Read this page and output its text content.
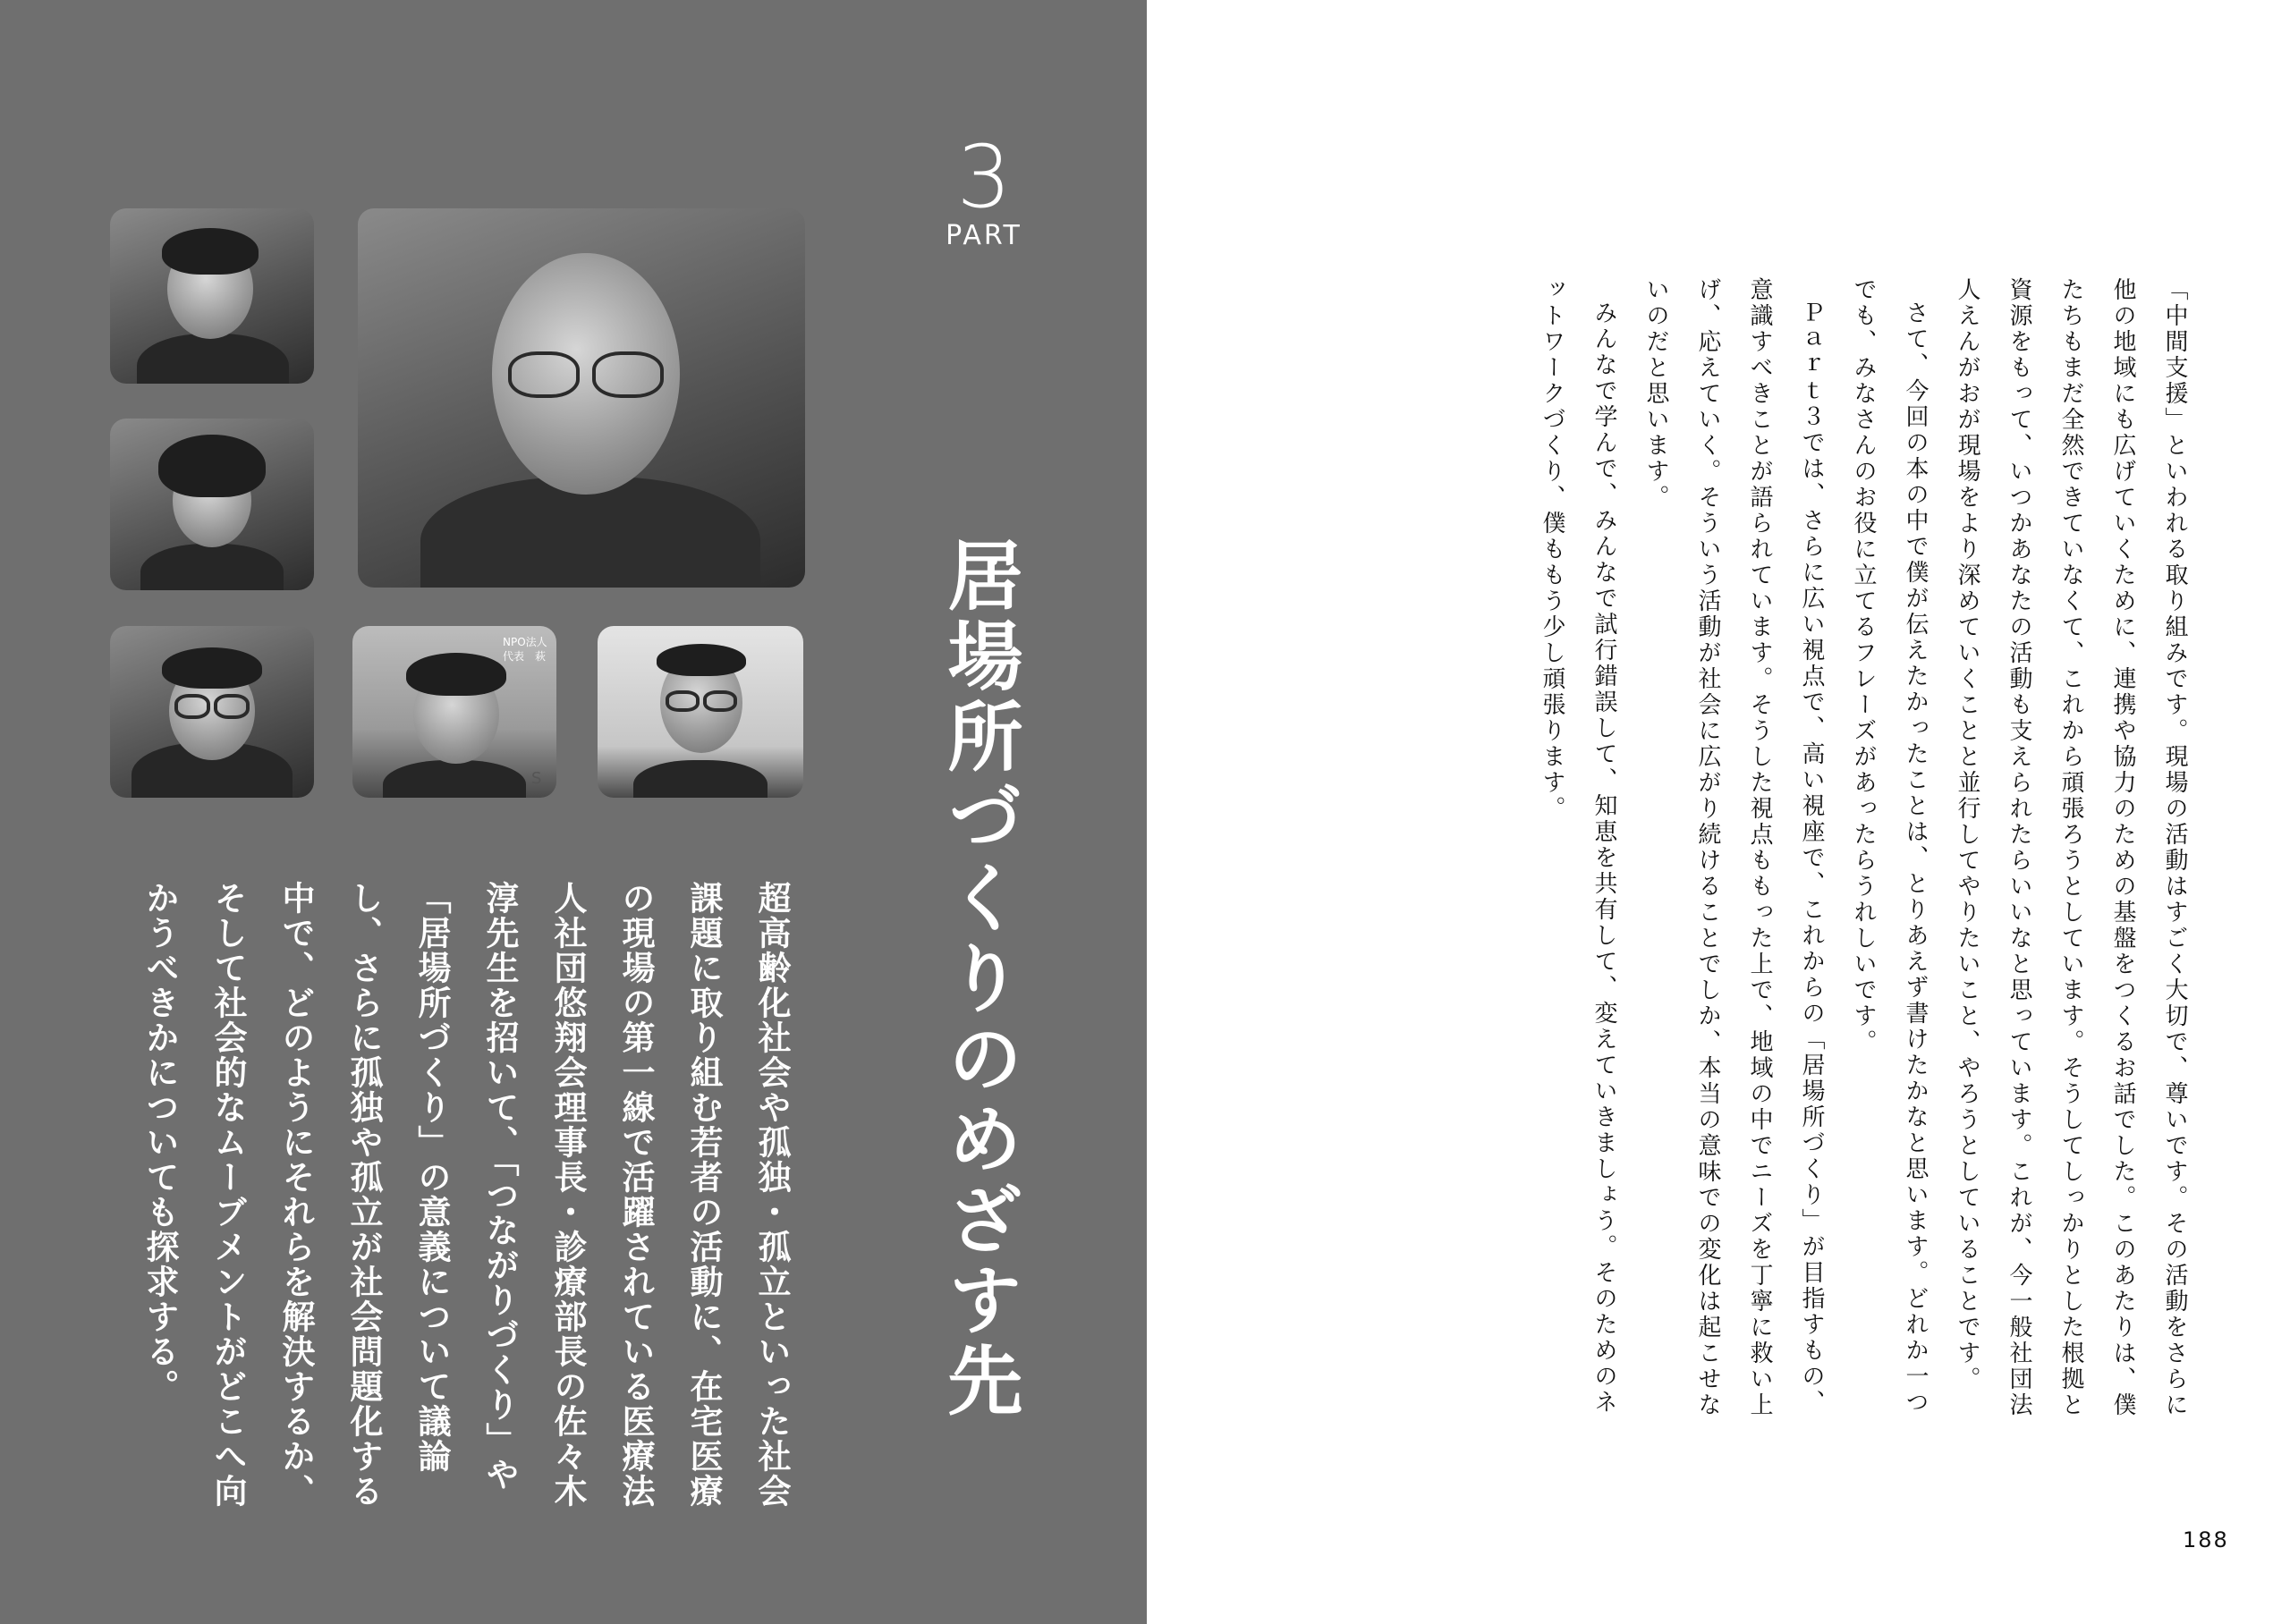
NPO法人
代表　萩
S
3
PART
居場所づくりのめざす先
超高齢化社会や孤独・孤立といった社会課題に取り組む若者の活動に、在宅医療の現場の第一線で活躍されている医療法人社団悠翔会理事長・診療部長の佐々木淳先生を招いて、「つながりづくり」や「居場所づくり」の意義について議論し、さらに孤独や孤立が社会問題化する中で、どのようにそれらを解決するか、そして社会的なムーブメントがどこへ向かうべきかについても探求する。	「中間支援」といわれる取り組みです。現場の活動はすごく大切で、尊いです。その活動をさらに他の地域にも広げていくために、連携や協力のための基盤をつくるお話でした。このあたりは、僕たちもまだ全然できていなくて、これから頑張ろうとしています。そうしてしっかりとした根拠と資源をもって、いつかあなたの活動も支えられたらいいなと思っています。これが、今一般社団法人えんがおが現場をより深めていくことと並行してやりたいこと、やろうとしていることです。

さて、今回の本の中で僕が伝えたかったことは、とりあえず書けたかなと思います。どれか一つでも、みなさんのお役に立てるフレーズがあったらうれしいです。

Ｐａｒｔ３では、さらに広い視点で、高い視座で、これからの「居場所づくり」が目指すもの、意識すべきことが語られています。そうした視点ももった上で、地域の中でニーズを丁寧に救い上げ、応えていく。そういう活動が社会に広がり続けることでしか、本当の意味での変化は起こせないのだと思います。

みんなで学んで、みんなで試行錯誤して、知恵を共有して、変えていきましょう。そのためのネットワークづくり、僕ももう少し頑張ります。

188
